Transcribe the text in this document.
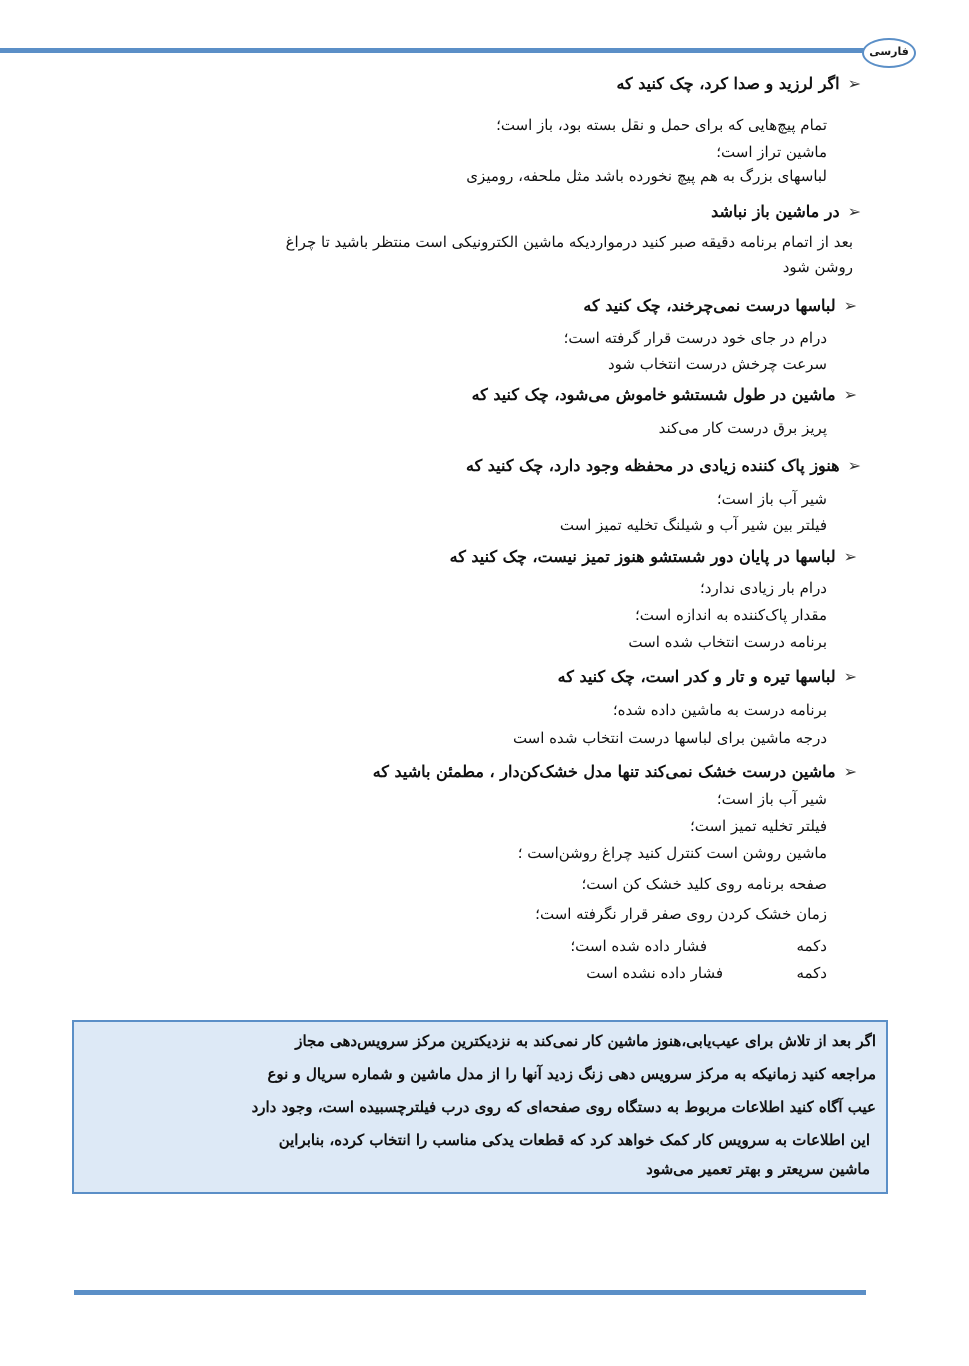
فارسی
➢اگر لرزید و صدا کرد، چک کنید که
تمام پیچ‌هایی که برای حمل و نقل بسته بود، باز است؛
ماشین تراز است؛
لباسهای بزرگ به هم پیچ نخورده باشد مثل ملحفه، رومیزی
➢در ماشین باز نباشد
بعد از اتمام برنامه دقیقه صبر کنید درمواردیکه ماشین الکترونیکی است منتظر باشید تا چراغ
روشن شود
➢لباسها درست نمی‌چرخند، چک کنید که
درام در جای خود درست قرار گرفته است؛
سرعت چرخش درست انتخاب شود
➢ماشین در طول شستشو خاموش می‌شود، چک کنید که
پریز برق درست کار می‌کند
➢هنوز پاک کننده زیادی در محفظه وجود دارد، چک کنید که
شیر آب باز است؛
فیلتر بین شیر آب و شیلنگ تخلیه تمیز است
➢لباسها در پایان دور شستشو هنوز تمیز نیست، چک کنید که
درام بار زیادی ندارد؛
مقدار پاک‌کننده به اندازه است؛
برنامه درست انتخاب شده است
➢لباسها تیره و تار و کدر است، چک کنید که
برنامه درست به ماشین داده شده؛
درجه ماشین برای لباسها درست انتخاب شده است
➢ماشین درست خشک نمی‌کند تنها مدل خشک‌کن‌دار ، مطمئن باشید که
شیر آب باز است؛
فیلتر تخلیه تمیز است؛
ماشین روشن است کنترل کنید چراغ روشن‌است ؛
صفحه برنامه روی کلید خشک کن است؛
زمان خشک کردن روی صفر قرار نگرفته است؛
دکمه
فشار داده شده است؛
دکمه
فشار داده نشده است
اگر بعد از تلاش برای عیب‌یابی،هنوز ماشین کار نمی‌کند به نزدیکترین مرکز سرویس‌دهی مجاز
مراجعه کنید زمانیکه به مرکز سرویس دهی زنگ زدید آنها را از مدل ماشین و شماره سریال و نوع
عیب آگاه کنید اطلاعات مربوط به دستگاه روی صفحه‌ای که روی درب فیلترچسبیده است، وجود دارد
این اطلاعات به سرویس کار کمک خواهد کرد که قطعات یدکی مناسب را انتخاب کرده، بنابراین
ماشین سریعتر و بهتر تعمیر می‌شود
